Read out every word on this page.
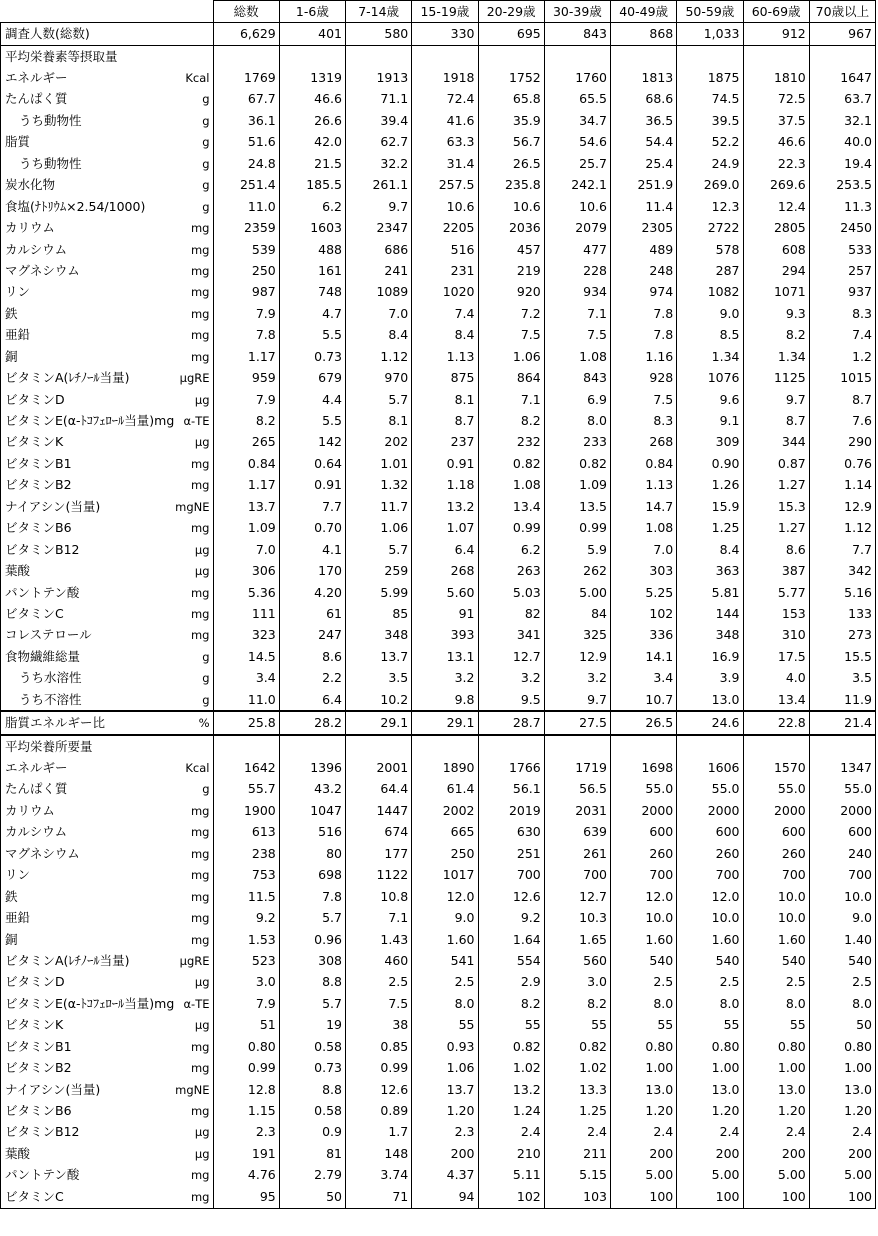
		総数	1-6歳	7-14歳	15-19歳	20-29歳	30-39歳	40-49歳	50-59歳	60-69歳	70歳以上
調査人数(総数)		6,629	401	580	330	695	843	868	1,033	912	967
平均栄養素等摂取量											
エネルギー	Kcal	1769	1319	1913	1918	1752	1760	1813	1875	1810	1647
たんぱく質	g	67.7	46.6	71.1	72.4	65.8	65.5	68.6	74.5	72.5	63.7
うち動物性	g	36.1	26.6	39.4	41.6	35.9	34.7	36.5	39.5	37.5	32.1
脂質	g	51.6	42.0	62.7	63.3	56.7	54.6	54.4	52.2	46.6	40.0
うち動物性	g	24.8	21.5	32.2	31.4	26.5	25.7	25.4	24.9	22.3	19.4
炭水化物	g	251.4	185.5	261.1	257.5	235.8	242.1	251.9	269.0	269.6	253.5
食塩(ﾅﾄﾘｳﾑ×2.54/1000)	g	11.0	6.2	9.7	10.6	10.6	10.6	11.4	12.3	12.4	11.3
カリウム	mg	2359	1603	2347	2205	2036	2079	2305	2722	2805	2450
カルシウム	mg	539	488	686	516	457	477	489	578	608	533
マグネシウム	mg	250	161	241	231	219	228	248	287	294	257
リン	mg	987	748	1089	1020	920	934	974	1082	1071	937
鉄	mg	7.9	4.7	7.0	7.4	7.2	7.1	7.8	9.0	9.3	8.3
亜鉛	mg	7.8	5.5	8.4	8.4	7.5	7.5	7.8	8.5	8.2	7.4
銅	mg	1.17	0.73	1.12	1.13	1.06	1.08	1.16	1.34	1.34	1.2
ビタミンA(ﾚﾁﾉｰﾙ当量)	μgRE	959	679	970	875	864	843	928	1076	1125	1015
ビタミンD	μg	7.9	4.4	5.7	8.1	7.1	6.9	7.5	9.6	9.7	8.7
ビタミンE(α-ﾄｺﾌｪﾛｰﾙ当量)mg	α-TE	8.2	5.5	8.1	8.7	8.2	8.0	8.3	9.1	8.7	7.6
ビタミンK	μg	265	142	202	237	232	233	268	309	344	290
ビタミンB1	mg	0.84	0.64	1.01	0.91	0.82	0.82	0.84	0.90	0.87	0.76
ビタミンB2	mg	1.17	0.91	1.32	1.18	1.08	1.09	1.13	1.26	1.27	1.14
ナイアシン(当量)	mgNE	13.7	7.7	11.7	13.2	13.4	13.5	14.7	15.9	15.3	12.9
ビタミンB6	mg	1.09	0.70	1.06	1.07	0.99	0.99	1.08	1.25	1.27	1.12
ビタミンB12	μg	7.0	4.1	5.7	6.4	6.2	5.9	7.0	8.4	8.6	7.7
葉酸	μg	306	170	259	268	263	262	303	363	387	342
パントテン酸	mg	5.36	4.20	5.99	5.60	5.03	5.00	5.25	5.81	5.77	5.16
ビタミンC	mg	111	61	85	91	82	84	102	144	153	133
コレステロール	mg	323	247	348	393	341	325	336	348	310	273
食物繊維総量	g	14.5	8.6	13.7	13.1	12.7	12.9	14.1	16.9	17.5	15.5
うち水溶性	g	3.4	2.2	3.5	3.2	3.2	3.2	3.4	3.9	4.0	3.5
うち不溶性	g	11.0	6.4	10.2	9.8	9.5	9.7	10.7	13.0	13.4	11.9
脂質エネルギー比	%	25.8	28.2	29.1	29.1	28.7	27.5	26.5	24.6	22.8	21.4
平均栄養所要量											
エネルギー	Kcal	1642	1396	2001	1890	1766	1719	1698	1606	1570	1347
たんぱく質	g	55.7	43.2	64.4	61.4	56.1	56.5	55.0	55.0	55.0	55.0
カリウム	mg	1900	1047	1447	2002	2019	2031	2000	2000	2000	2000
カルシウム	mg	613	516	674	665	630	639	600	600	600	600
マグネシウム	mg	238	80	177	250	251	261	260	260	260	240
リン	mg	753	698	1122	1017	700	700	700	700	700	700
鉄	mg	11.5	7.8	10.8	12.0	12.6	12.7	12.0	12.0	10.0	10.0
亜鉛	mg	9.2	5.7	7.1	9.0	9.2	10.3	10.0	10.0	10.0	9.0
銅	mg	1.53	0.96	1.43	1.60	1.64	1.65	1.60	1.60	1.60	1.40
ビタミンA(ﾚﾁﾉｰﾙ当量)	μgRE	523	308	460	541	554	560	540	540	540	540
ビタミンD	μg	3.0	8.8	2.5	2.5	2.9	3.0	2.5	2.5	2.5	2.5
ビタミンE(α-ﾄｺﾌｪﾛｰﾙ当量)mg	α-TE	7.9	5.7	7.5	8.0	8.2	8.2	8.0	8.0	8.0	8.0
ビタミンK	μg	51	19	38	55	55	55	55	55	55	50
ビタミンB1	mg	0.80	0.58	0.85	0.93	0.82	0.82	0.80	0.80	0.80	0.80
ビタミンB2	mg	0.99	0.73	0.99	1.06	1.02	1.02	1.00	1.00	1.00	1.00
ナイアシン(当量)	mgNE	12.8	8.8	12.6	13.7	13.2	13.3	13.0	13.0	13.0	13.0
ビタミンB6	mg	1.15	0.58	0.89	1.20	1.24	1.25	1.20	1.20	1.20	1.20
ビタミンB12	μg	2.3	0.9	1.7	2.3	2.4	2.4	2.4	2.4	2.4	2.4
葉酸	μg	191	81	148	200	210	211	200	200	200	200
パントテン酸	mg	4.76	2.79	3.74	4.37	5.11	5.15	5.00	5.00	5.00	5.00
ビタミンC	mg	95	50	71	94	102	103	100	100	100	100
